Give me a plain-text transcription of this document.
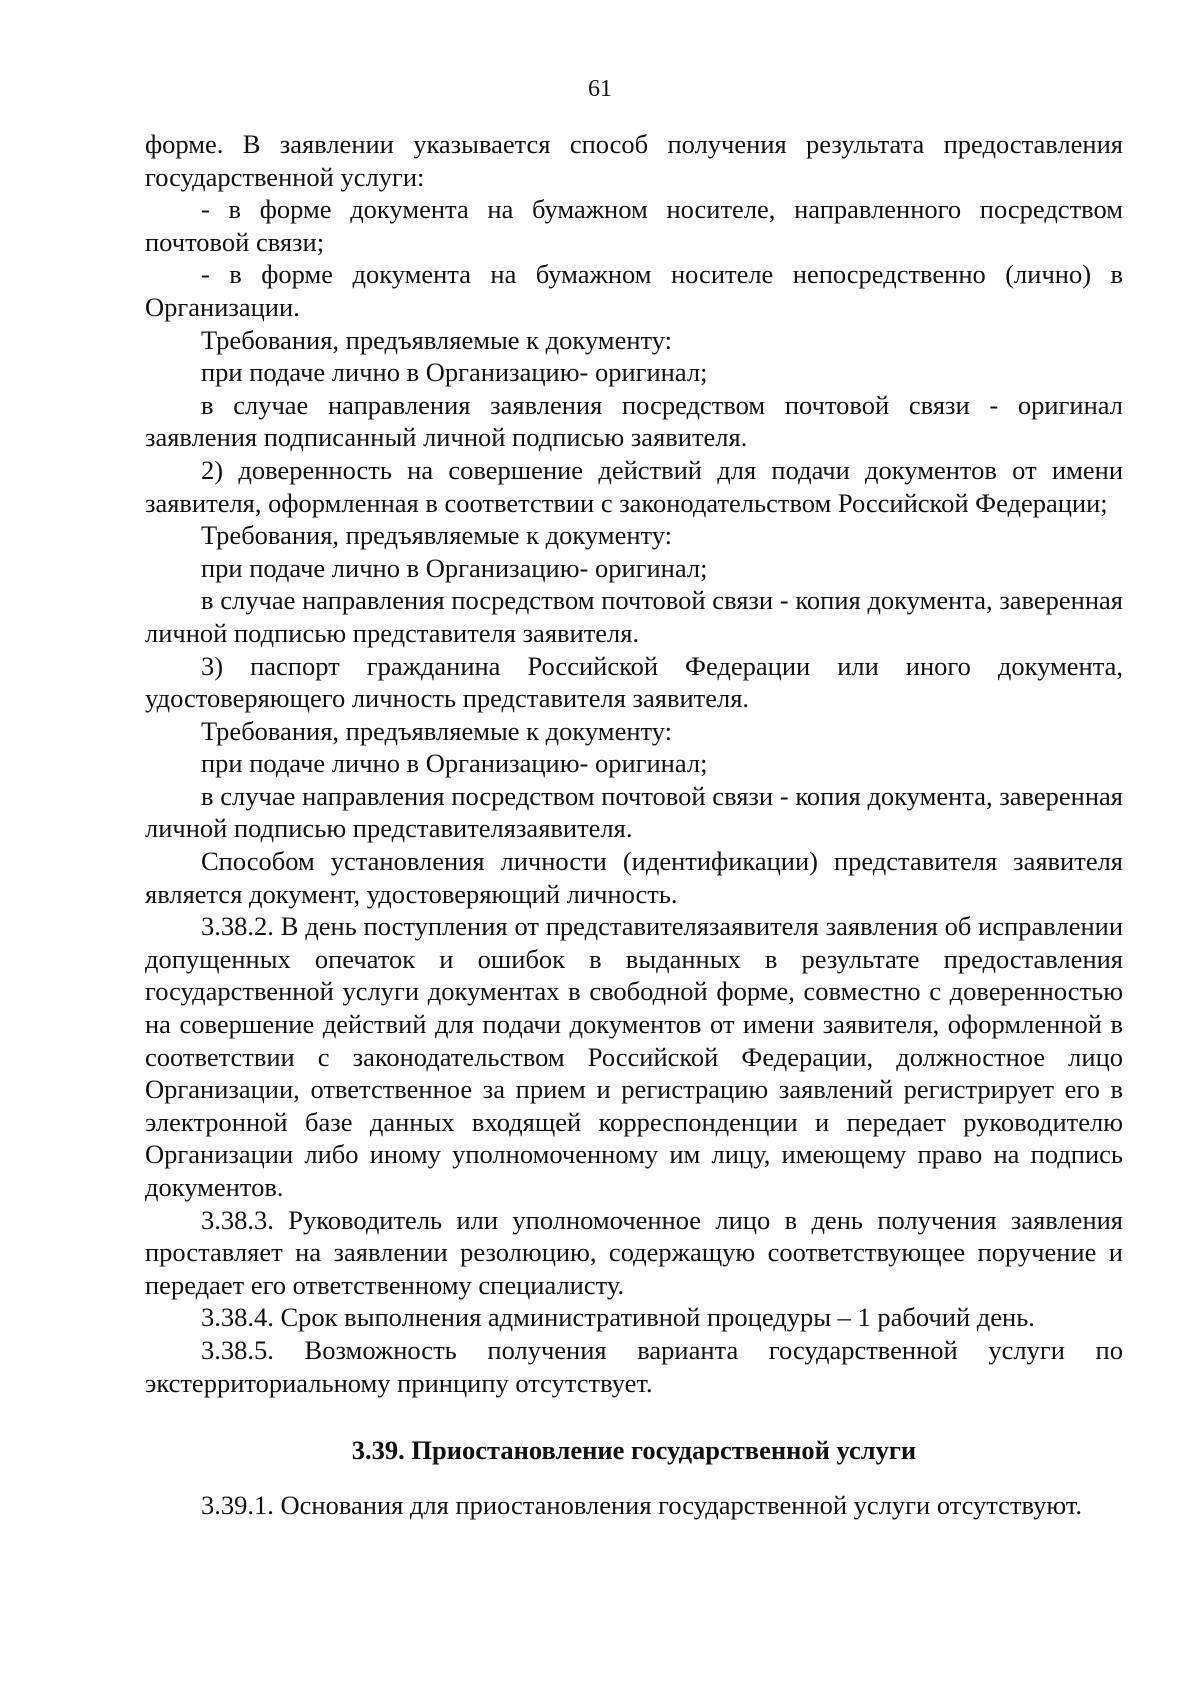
61

форме. В заявлении указывается способ получения результата предоставления государственной услуги:

- в форме документа на бумажном носителе, направленного посредством почтовой связи;

- в форме документа на бумажном носителе непосредственно (лично) в Организации.

Требования, предъявляемые к документу:

при подаче лично в Организацию- оригинал;

в случае направления заявления посредством почтовой связи - оригинал заявления подписанный личной подписью заявителя.

2) доверенность на совершение действий для подачи документов от имени заявителя, оформленная в соответствии с законодательством Российской Федерации;

Требования, предъявляемые к документу:

при подаче лично в Организацию- оригинал;

в случае направления посредством почтовой связи - копия документа, заверенная личной подписью представителя заявителя.

3) паспорт гражданина Российской Федерации или иного документа, удостоверяющего личность представителя заявителя.

Требования, предъявляемые к документу:

при подаче лично в Организацию- оригинал;

в случае направления посредством почтовой связи - копия документа, заверенная личной подписью представителязаявителя.

Способом установления личности (идентификации) представителя заявителя является документ, удостоверяющий личность.

3.38.2. В день поступления от представителязаявителя заявления об исправлении допущенных опечаток и ошибок в выданных в результате предоставления государственной услуги документах в свободной форме, совместно с доверенностью на совершение действий для подачи документов от имени заявителя, оформленной в соответствии с законодательством Российской Федерации, должностное лицо Организации, ответственное за прием и регистрацию заявлений регистрирует его в электронной базе данных входящей корреспонденции и передает руководителю Организации либо иному уполномоченному им лицу, имеющему право на подпись документов.

3.38.3. Руководитель или уполномоченное лицо в день получения заявления проставляет на заявлении резолюцию, содержащую соответствующее поручение и передает его ответственному специалисту.

3.38.4. Срок выполнения административной процедуры – 1 рабочий день.

3.38.5. Возможность получения варианта государственной услуги по экстерриториальному принципу отсутствует.

3.39. Приостановление государственной услуги

3.39.1. Основания для приостановления государственной услуги отсутствуют.
